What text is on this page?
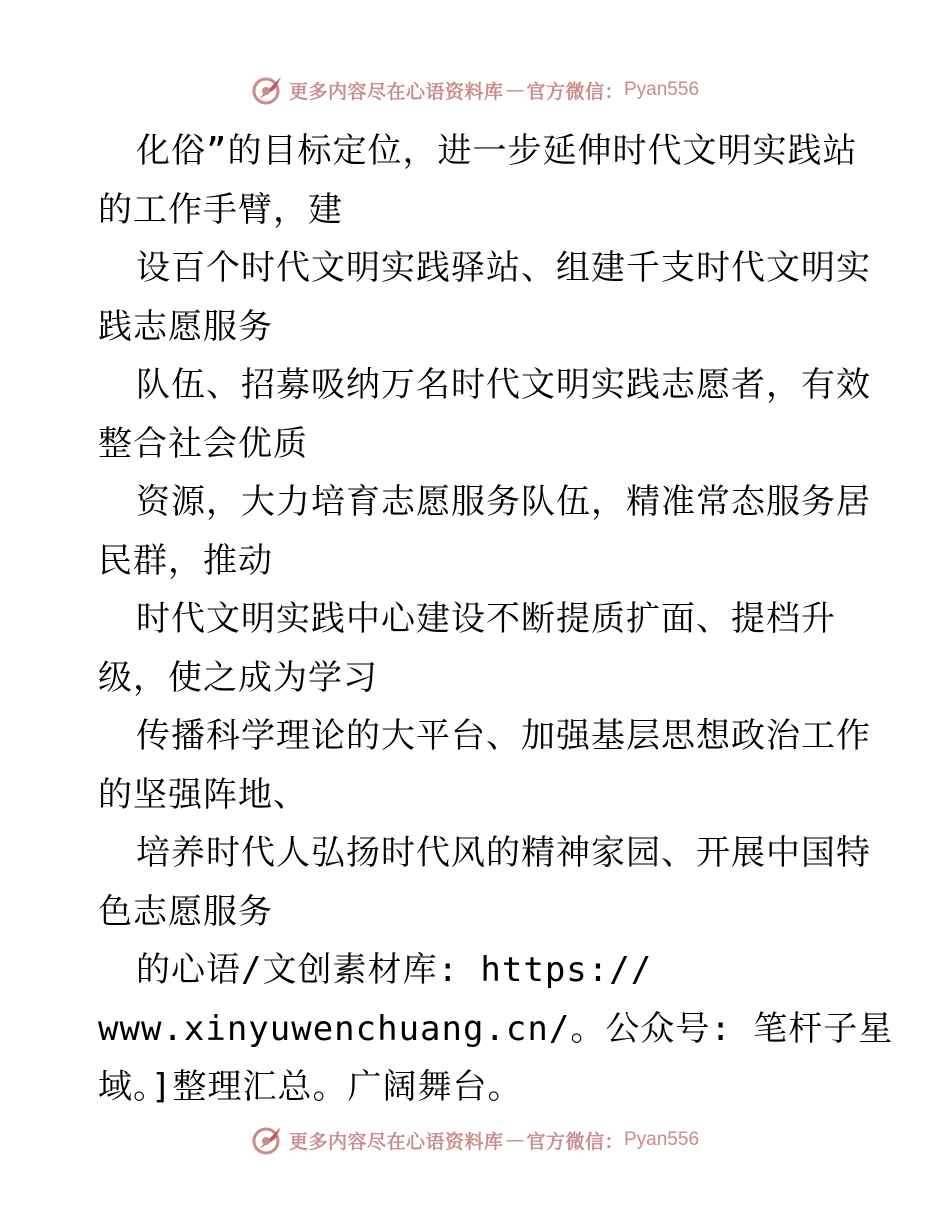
更多内容尽在心语资料库 — 官方微信： Pyan556

化俗”的目标定位，进一步延伸时代文明实践站
的工作手臂，建

设百个时代文明实践驿站、组建千支时代文明实
践志愿服务

队伍、招募吸纳万名时代文明实践志愿者，有效
整合社会优质

资源，大力培育志愿服务队伍，精准常态服务居
民群，推动

时代文明实践中心建设不断提质扩面、提档升
级，使之成为学习

传播科学理论的大平台、加强基层思想政治工作
的坚强阵地、

培养时代人弘扬时代风的精神家园、开展中国特
色志愿服务

的心语/文创素材库: https://
www.xinyuwenchuang.cn/。公众号: 笔杆子星
域。]整理汇总。广阔舞台。

更多内容尽在心语资料库 — 官方微信： Pyan556
